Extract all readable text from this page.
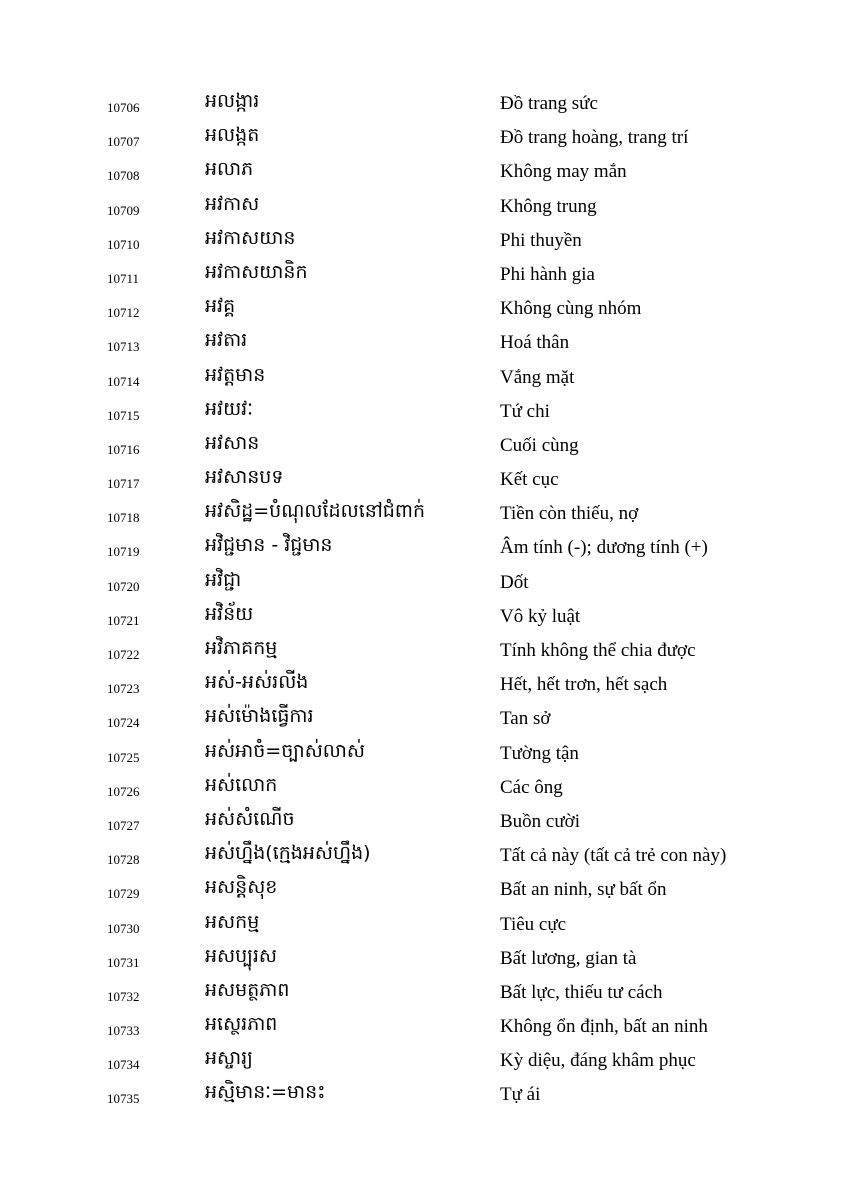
10706	អលង្ការ	Đồ trang sức
10707	អលង្កត	Đồ trang hoàng, trang trí
10708	អលាភ	Không may mắn
10709	អវកាស	Không trung
10710	អវកាសយាន	Phi thuyền
10711	អវកាសយានិក	Phi hành gia
10712	អវគ្គ	Không cùng nhóm
10713	អវតារ	Hoá thân
10714	អវត្តមាន	Vắng mặt
10715	អវយវៈ	Tứ chi
10716	អវសាន	Cuối cùng
10717	អវសានបទ	Kết cục
10718	អវសិដ្ឋ=បំណុលដែលនៅជំពាក់	Tiền còn thiếu, nợ
10719	អវិជ្ជមាន - វិជ្ជមាន	Âm tính (-); dương tính (+)
10720	អវិជ្ជា	Dốt
10721	អវិន័យ	Vô kỷ luật
10722	អវិភាគកម្ម	Tính không thể chia được
10723	អស់-អស់រលីង	Hết, hết trơn, hết sạch
10724	អស់ម៉ោងធ្វើការ	Tan sở
10725	អស់អាចំ=ច្បាស់លាស់	Tường tận
10726	អស់លោក	Các ông
10727	អស់សំណើច	Buồn cười
10728	អស់ហ្នឹង(ក្មេងអស់ហ្នឹង)	Tất cả này (tất cả trẻ con này)
10729	អសន្តិសុខ	Bất an ninh, sự bất ổn
10730	អសកម្ម	Tiêu cực
10731	អសប្បុរស	Bất lương, gian tà
10732	អសមត្ថភាព	Bất lực, thiếu tư cách
10733	អស្ថេរភាព	Không ổn định, bất an ninh
10734	អស្ចារ្យ	Kỳ diệu, đáng khâm phục
10735	អស្មិមានៈ=មានះ	Tự ái
